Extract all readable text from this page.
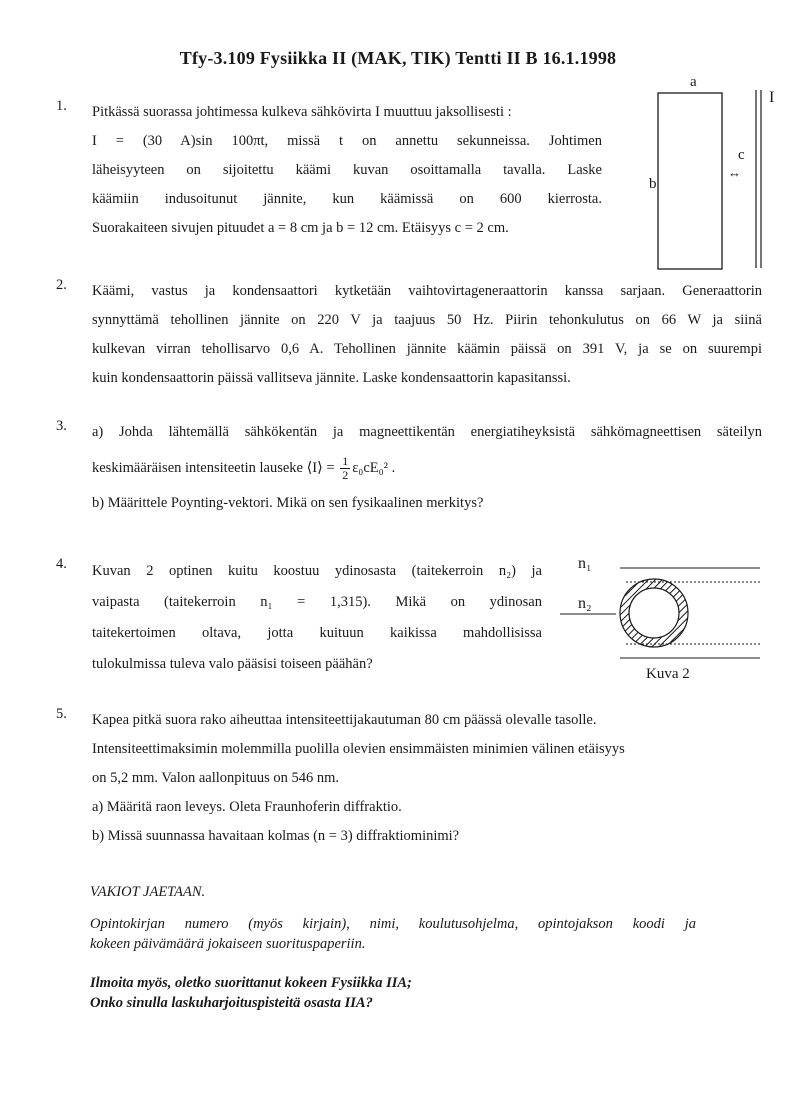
Tfy-3.109 Fysiikka II (MAK, TIK) Tentti II B 16.1.1998
1. Pitkässä suorassa johtimessa kulkeva sähkövirta I muuttuu jaksollisesti :
I = (30 A)sin 100πt, missä t on annettu sekunneissa. Johtimen
läheisyyteen on sijoitettu käämi kuvan osoittamalla tavalla. Laske
käämiin indusoitunut jännite, kun käämissä on 600 kierrosta.
Suorakaiteen sivujen pituudet a = 8 cm ja b = 12 cm. Etäisyys c = 2 cm.
a
b
c
↔
I
2. Käämi, vastus ja kondensaattori kytketään vaihtovirtageneraattorin kanssa sarjaan. Generaattorin
synnyttämä tehollinen jännite on 220 V ja taajuus 50 Hz. Piirin tehonkulutus on 66 W ja siinä
kulkevan virran tehollisarvo 0,6 A. Tehollinen jännite käämin päissä on 391 V, ja se on suurempi
kuin kondensaattorin päissä vallitseva jännite. Laske kondensaattorin kapasitanssi.
3. a) Johda lähtemällä sähkökentän ja magneettikentän energiatiheyksistä sähkömagneettisen säteilyn
keskimääräisen intensiteetin lauseke ⟨I⟩ = $\frac{1}{2} \varepsilon_0cE_0^2$ .
b) Määrittele Poynting-vektori. Mikä on sen fysikaalinen merkitys?
4. Kuvan 2 optinen kuitu koostuu ydinosasta (taitekerroin n₂) ja
vaipasta (taitekerroin n₁ = 1,315). Mikä on ydinosan
taitekertoimen oltava, jotta kuituun kaikissa mahdollisissa
tulokulmissa tuleva valo pääsisi toiseen päähän?
n₁
n₂
Kuva 2
5. Kapea pitkä suora rako aiheuttaa intensiteettijakautuman 80 cm päässä olevalle tasolle.
Intensiteettimaksimin molemmilla puolilla olevien ensimmäisten minimien välinen etäisyys
on 5,2 mm. Valon aallonpituus on 546 nm.
a) Määritä raon leveys. Oleta Fraunhoferin diffraktio.
b) Missä suunnassa havaitaan kolmas (n = 3) diffraktiominimi?
VAKIOT JAETAAN.
Opintokirjan numero (myös kirjain), nimi, koulutusohjelma, opintojakson koodi ja
kokeen päivämäärä jokaiseen suorituspaperiin.
Ilmoita myös, oletko suorittanut kokeen Fysiikka IIA;
Onko sinulla laskuharjoituspisteitä osasta IIA?
